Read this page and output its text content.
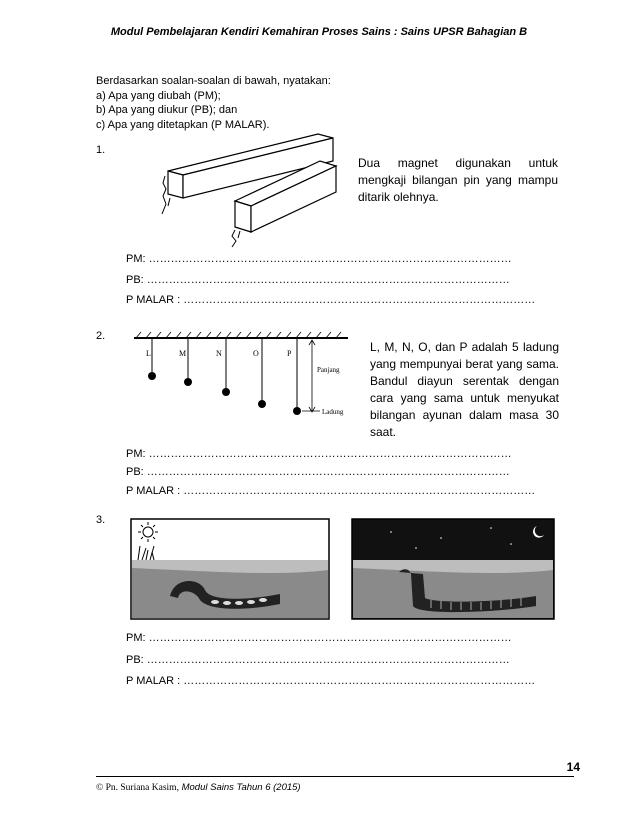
Modul Pembelajaran Kendiri Kemahiran Proses Sains : Sains UPSR Bahagian B
Berdasarkan soalan-soalan di bawah, nyatakan:
a) Apa yang diubah (PM);
b) Apa yang diukur (PB); dan
c) Apa yang ditetapkan (P MALAR).
1.
Dua magnet digunakan untuk mengkaji bilangan pin yang mampu ditarik olehnya.
PM: ………………………………………………………………………………………
PB: ………………………………………………………………………………………
P MALAR : ……………………………………………………………………………………
2.
L	M	N	O	P
Panjang
Ladung
L, M, N, O, dan P adalah 5 ladung yang mempunyai berat yang sama. Bandul diayun serentak dengan cara yang sama untuk menyukat bilangan ayunan dalam masa 30 saat.
PM: ………………………………………………………………………………………
PB: ………………………………………………………………………………………
P MALAR : ……………………………………………………………………………………
3.
PM: ………………………………………………………………………………………
PB: ………………………………………………………………………………………
P MALAR : ……………………………………………………………………………………
14
© Pn. Suriana Kasim, Modul Sains Tahun 6 (2015)
